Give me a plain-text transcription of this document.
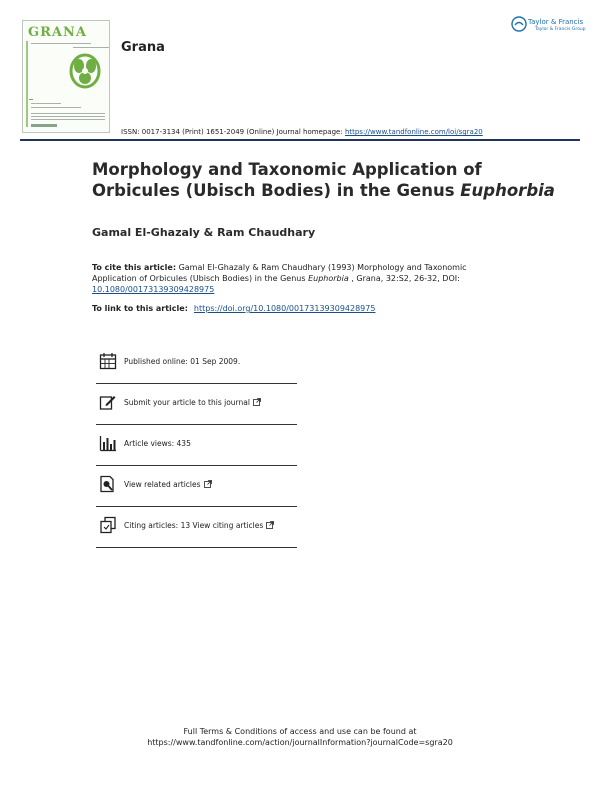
GRANA
Grana
Taylor & Francis
Taylor & Francis Group
ISSN: 0017-3134 (Print) 1651-2049 (Online) Journal homepage: https://www.tandfonline.com/loi/sgra20
Morphology and Taxonomic Application of Orbicules (Ubisch Bodies) in the Genus Euphorbia
Gamal El-Ghazaly & Ram Chaudhary
To cite this article: Gamal El-Ghazaly & Ram Chaudhary (1993) Morphology and Taxonomic Application of Orbicules (Ubisch Bodies) in the Genus Euphorbia , Grana, 32:S2, 26-32, DOI:
10.1080/00173139309428975
To link to this article: https://doi.org/10.1080/00173139309428975
Published online: 01 Sep 2009.
Submit your article to this journal
Article views: 435
View related articles
Citing articles: 13 View citing articles
Full Terms & Conditions of access and use can be found at
https://www.tandfonline.com/action/journalInformation?journalCode=sgra20
